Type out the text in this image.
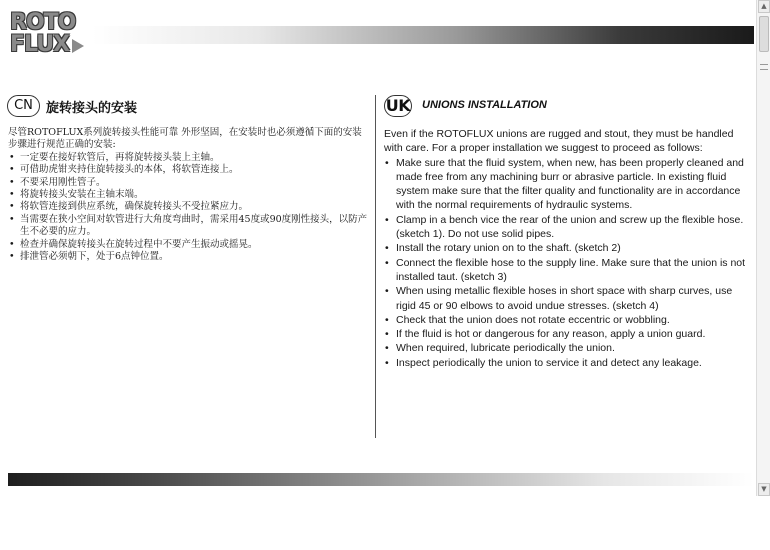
ROTO
FLUX
CN	旋转接头的安装

尽管ROTOFLUX系列旋转接头性能可靠 外形坚固，在安装时也必须遵循下面的安装步骤进行规范正确的安装:

• 一定要在接好软管后，再将旋转接头装上主轴。
• 可借助虎钳夹持住旋转接头的本体，将软管连接上。
• 不要采用刚性管子。
• 将旋转接头安装在主轴末端。
• 将软管连接到供应系统，确保旋转接头不受拉紧应力。
• 当需要在狭小空间对软管进行大角度弯曲时，需采用45度或90度刚性接头，以防产生不必要的应力。
• 检查并确保旋转接头在旋转过程中不要产生振动或摇晃。
• 排泄管必须朝下，处于6点钟位置。
UK UNIONS INSTALLATION

Even if the ROTOFLUX unions are rugged and stout, they must be handled with care. For a proper installation we suggest to proceed as follows:

• Make sure that the fluid system, when new, has been properly cleaned and made free from any machining burr or abrasive particle. In existing fluid system make sure that the filter quality and functionality are in accordance with the normal requirements of hydraulic systems.
• Clamp in a bench vice the rear of the union and screw up the flexible hose. (sketch 1). Do not use solid pipes.
• Install the rotary union on to the shaft. (sketch 2)
• Connect the flexible hose to the supply line. Make sure that the union is not installed taut. (sketch 3)
• When using metallic flexible hoses in short space with sharp curves, use rigid 45 or 90 elbows to avoid undue stresses. (sketch 4)
• Check that the union does not rotate eccentric or wobbling.
• If the fluid is hot or dangerous for any reason, apply a union guard.
• When required, lubricate periodically the union.
• Inspect periodically the union to service it and detect any leakage.
▲
▼
